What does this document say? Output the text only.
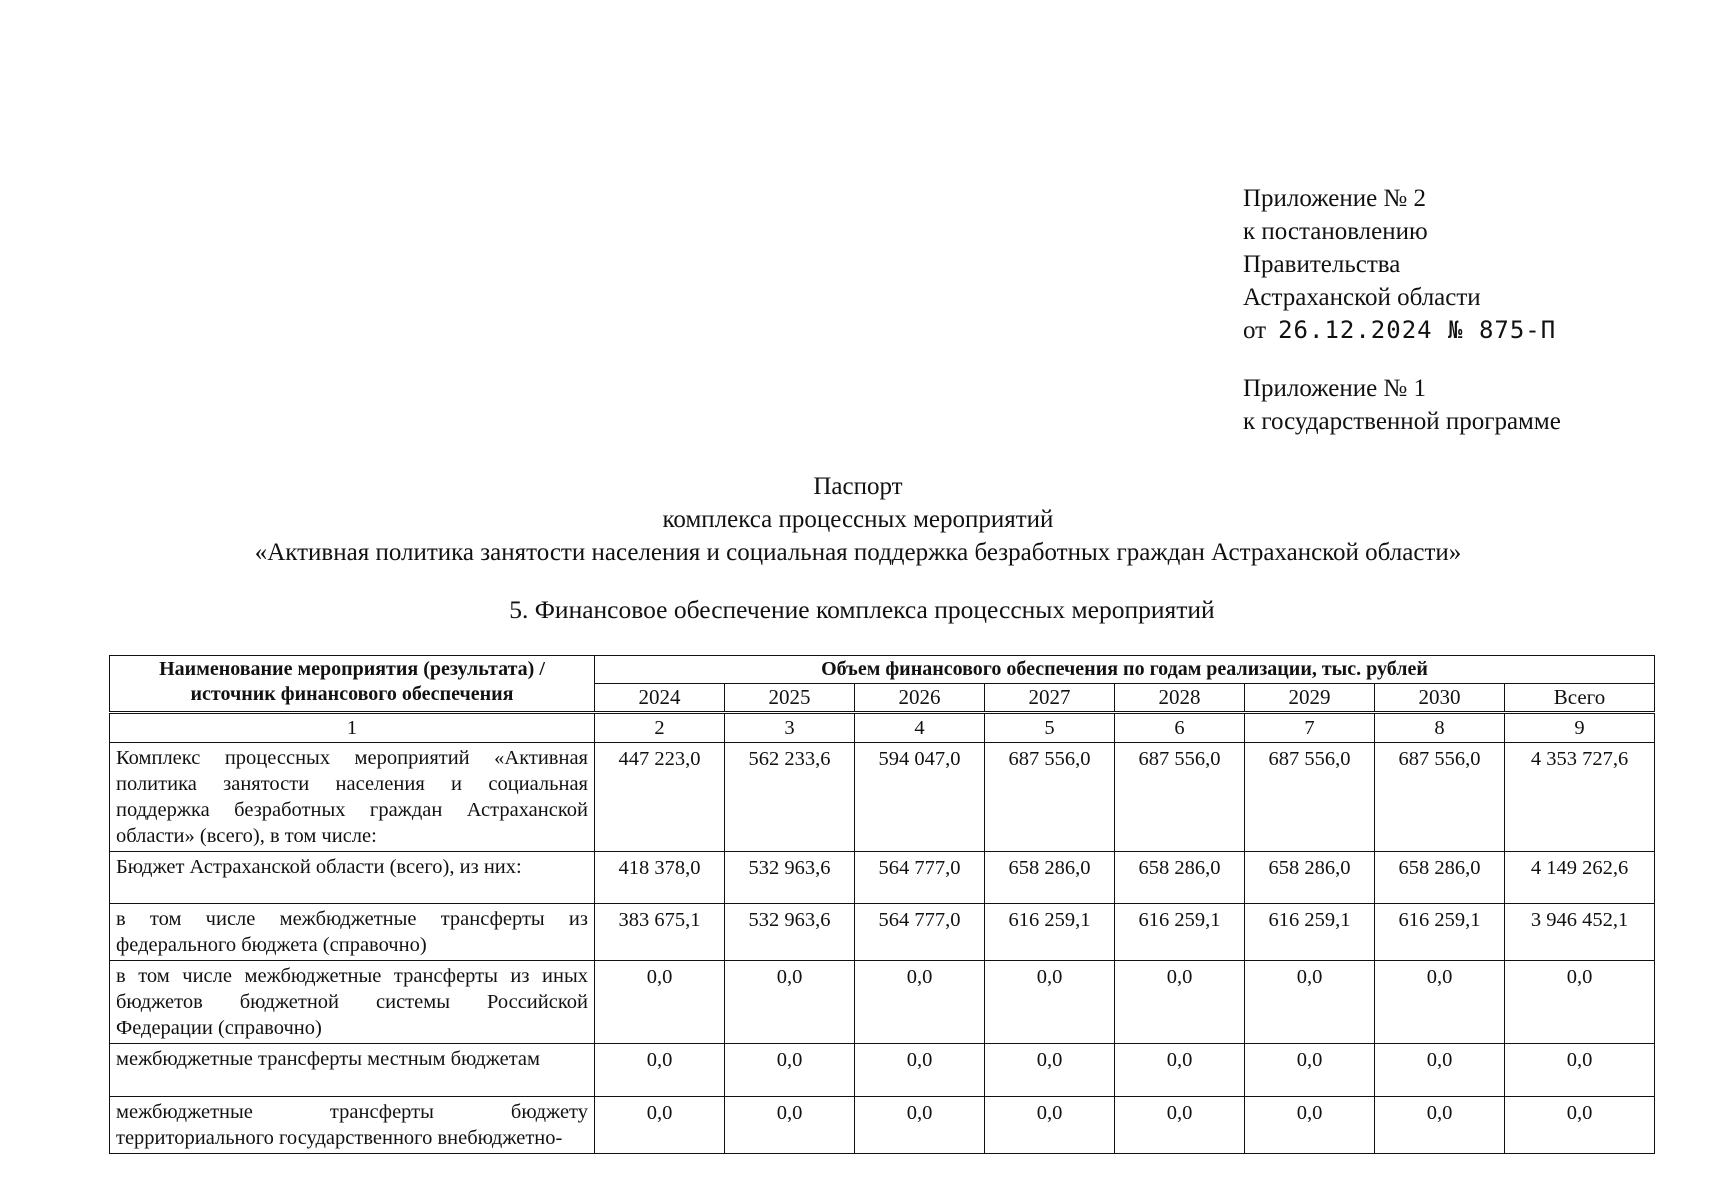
Приложение № 2
к постановлению
Правительства
Астраханской области
от 26.12.2024 № 875-П
Приложение № 1
к государственной программе
Паспорт
комплекса процессных мероприятий
«Активная политика занятости населения и социальная поддержка безработных граждан Астраханской области»
5. Финансовое обеспечение комплекса процессных мероприятий
Наименование мероприятия (результата) / источник финансового обеспечения	Объем финансового обеспечения по годам реализации, тыс. рублей							
	2024	2025	2026	2027	2028	2029	2030	Всего
1	2	3	4	5	6	7	8	9
Комплекс процессных мероприятий «Активная политика занятости населения и социальная поддержка безработных граждан Астраханской области» (всего), в том числе:	447 223,0	562 233,6	594 047,0	687 556,0	687 556,0	687 556,0	687 556,0	4 353 727,6
Бюджет Астраханской области (всего), из них:	418 378,0	532 963,6	564 777,0	658 286,0	658 286,0	658 286,0	658 286,0	4 149 262,6
в том числе межбюджетные трансферты из федерального бюджета (справочно)	383 675,1	532 963,6	564 777,0	616 259,1	616 259,1	616 259,1	616 259,1	3 946 452,1
в том числе межбюджетные трансферты из иных бюджетов бюджетной системы Российской Федерации (справочно)	0,0	0,0	0,0	0,0	0,0	0,0	0,0	0,0
межбюджетные трансферты местным бюджетам	0,0	0,0	0,0	0,0	0,0	0,0	0,0	0,0
межбюджетные трансферты бюджету территориального государственного внебюджетно-	0,0	0,0	0,0	0,0	0,0	0,0	0,0	0,0
